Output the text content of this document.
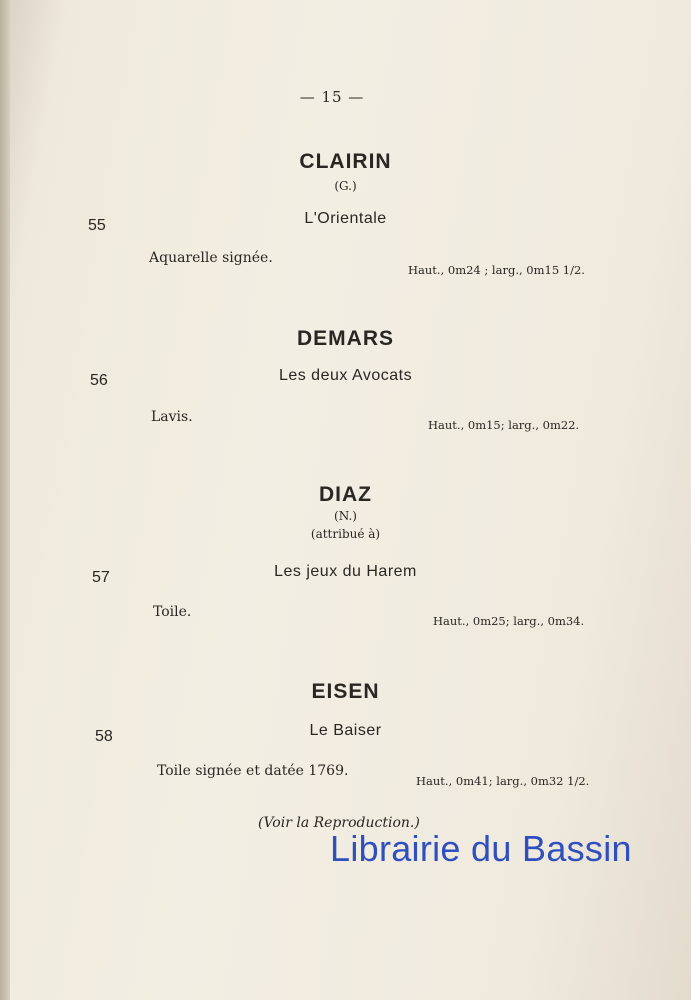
— 15 —
CLAIRIN
(G.)
55	L'Orientale
Aquarelle signée.
Haut., 0m24 ; larg., 0m15 1/2.
DEMARS
56	Les deux Avocats
Lavis.	Haut., 0m15; larg., 0m22.
DIAZ
(N.)
(attribué à)
57	Les jeux du Harem
Toile.
Haut., 0m25; larg., 0m34.
EISEN
58	Le Baiser
Toile signée et datée 1769.
Haut., 0m41; larg., 0m32 1/2.
(Voir la Reproduction.)
Librairie du Bassin
